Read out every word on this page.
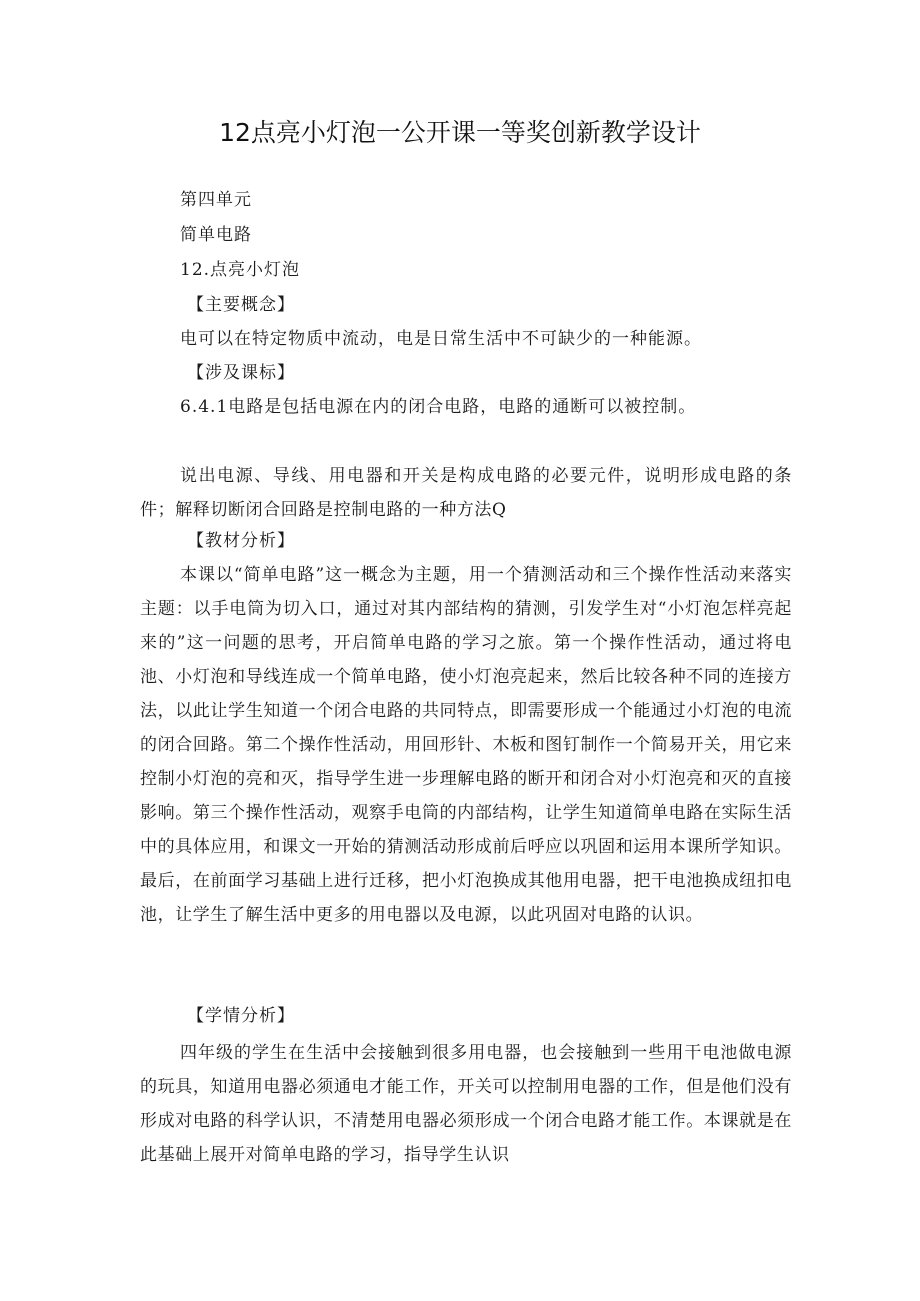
12点亮小灯泡一公开课一等奖创新教学设计
第四单元
简单电路
12.点亮小灯泡
【主要概念】
电可以在特定物质中流动，电是日常生活中不可缺少的一种能源。
【涉及课标】
6.4.1电路是包括电源在内的闭合电路，电路的通断可以被控制。

说出电源、导线、用电器和开关是构成电路的必要元件，说明形成电路的条件；解释切断闭合回路是控制电路的一种方法Q

【教材分析】

本课以“简单电路”这一概念为主题，用一个猜测活动和三个操作性活动来落实主题：以手电筒为切入口，通过对其内部结构的猜测，引发学生对“小灯泡怎样亮起来的”这一问题的思考，开启简单电路的学习之旅。第一个操作性活动，通过将电池、小灯泡和导线连成一个简单电路，使小灯泡亮起来，然后比较各种不同的连接方法，以此让学生知道一个闭合电路的共同特点，即需要形成一个能通过小灯泡的电流的闭合回路。第二个操作性活动，用回形针、木板和图钉制作一个简易开关，用它来控制小灯泡的亮和灭，指导学生进一步理解电路的断开和闭合对小灯泡亮和灭的直接影响。第三个操作性活动，观察手电筒的内部结构，让学生知道简单电路在实际生活中的具体应用，和课文一开始的猜测活动形成前后呼应以巩固和运用本课所学知识。最后，在前面学习基础上进行迁移，把小灯泡换成其他用电器，把干电池换成纽扣电池，让学生了解生活中更多的用电器以及电源，以此巩固对电路的认识。

【学情分析】

四年级的学生在生活中会接触到很多用电器，也会接触到一些用干电池做电源的玩具，知道用电器必须通电才能工作，开关可以控制用电器的工作，但是他们没有形成对电路的科学认识，不清楚用电器必须形成一个闭合电路才能工作。本课就是在此基础上展开对简单电路的学习，指导学生认识
